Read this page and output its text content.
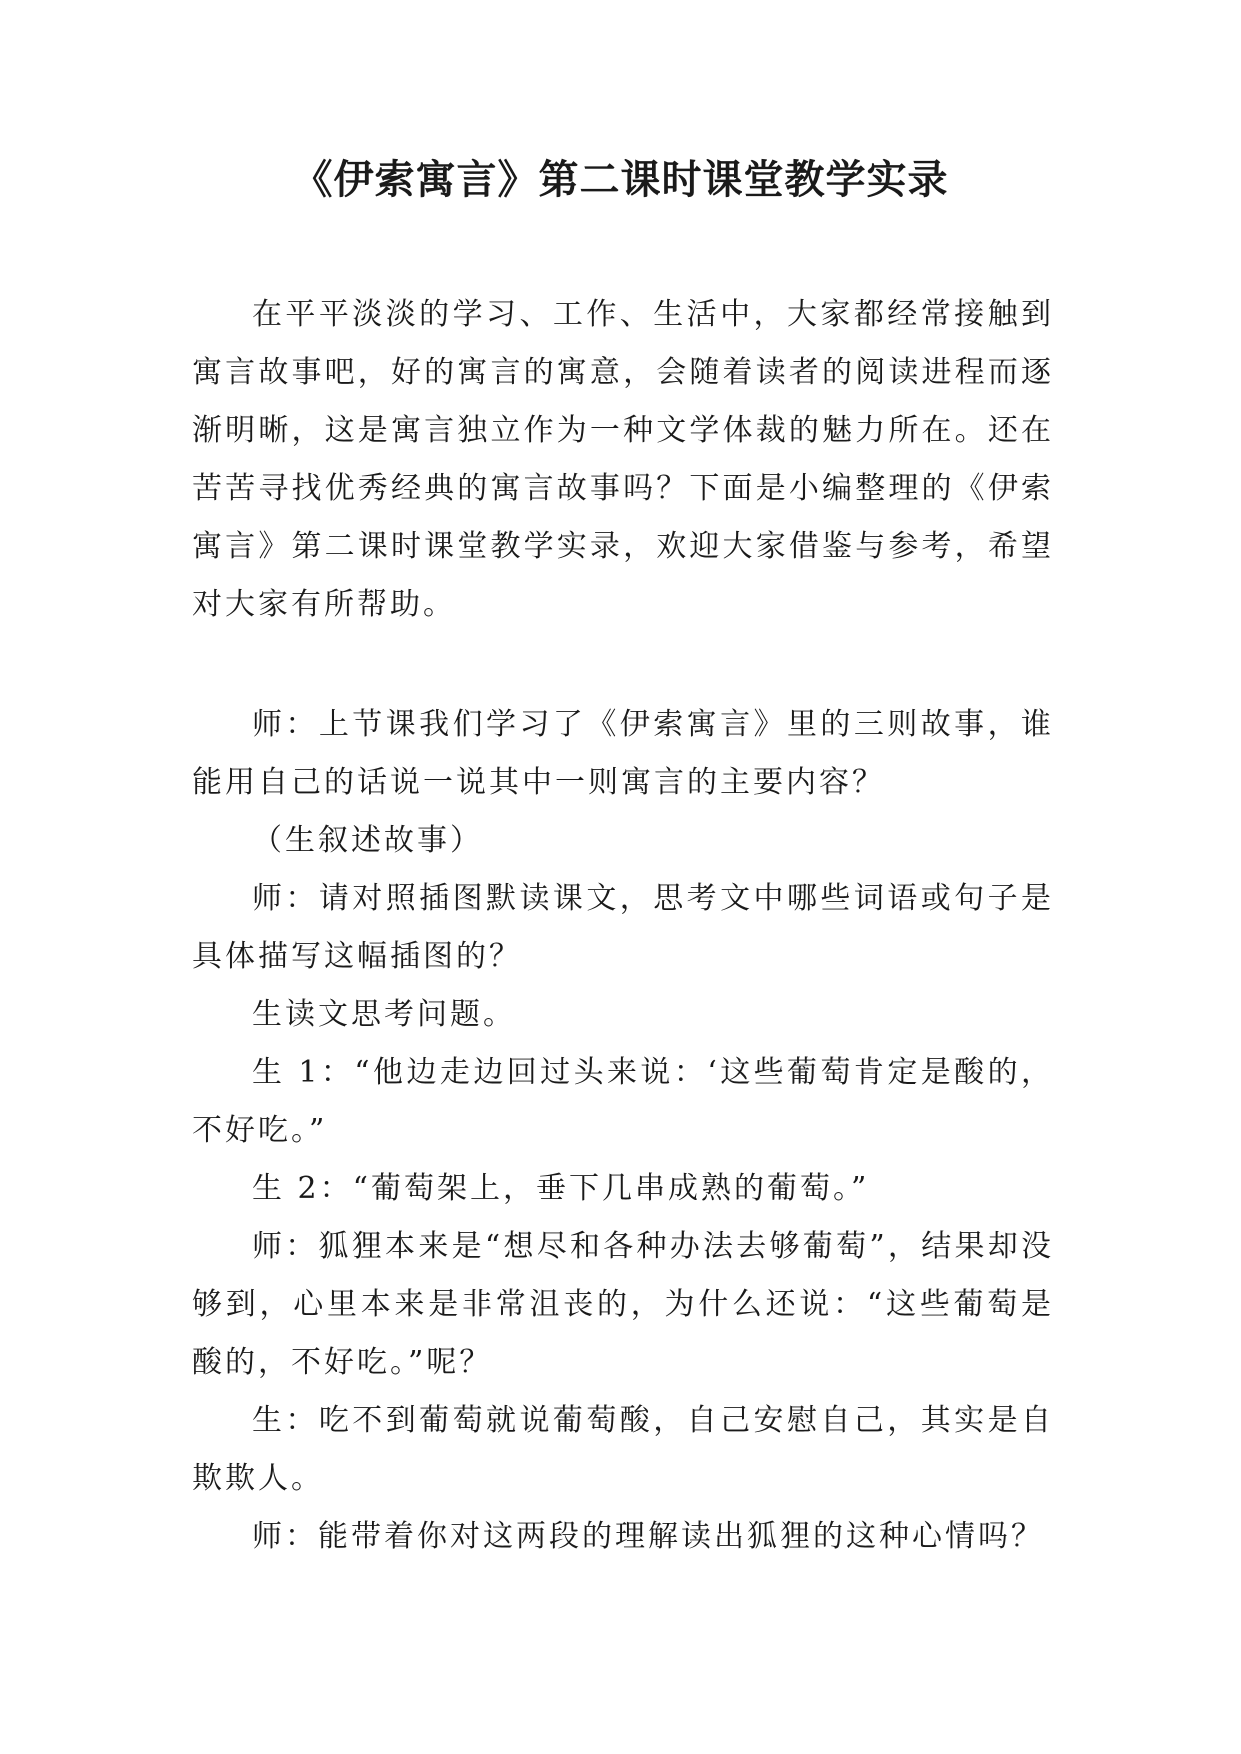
《伊索寓言》第二课时课堂教学实录

在平平淡淡的学习、工作、生活中，大家都经常接触到寓言故事吧，好的寓言的寓意，会随着读者的阅读进程而逐渐明晰，这是寓言独立作为一种文学体裁的魅力所在。还在苦苦寻找优秀经典的寓言故事吗？下面是小编整理的《伊索寓言》第二课时课堂教学实录，欢迎大家借鉴与参考，希望对大家有所帮助。

师：上节课我们学习了《伊索寓言》里的三则故事，谁能用自己的话说一说其中一则寓言的主要内容？

（生叙述故事）

师：请对照插图默读课文，思考文中哪些词语或句子是具体描写这幅插图的？

生读文思考问题。

生 1：“他边走边回过头来说：‘这些葡萄肯定是酸的，不好吃。”

生 2：“葡萄架上，垂下几串成熟的葡萄。”

师：狐狸本来是“想尽和各种办法去够葡萄”，结果却没够到，心里本来是非常沮丧的，为什么还说：“这些葡萄是酸的，不好吃。”呢？

生：吃不到葡萄就说葡萄酸，自己安慰自己，其实是自欺欺人。

师：能带着你对这两段的理解读出狐狸的这种心情吗？
